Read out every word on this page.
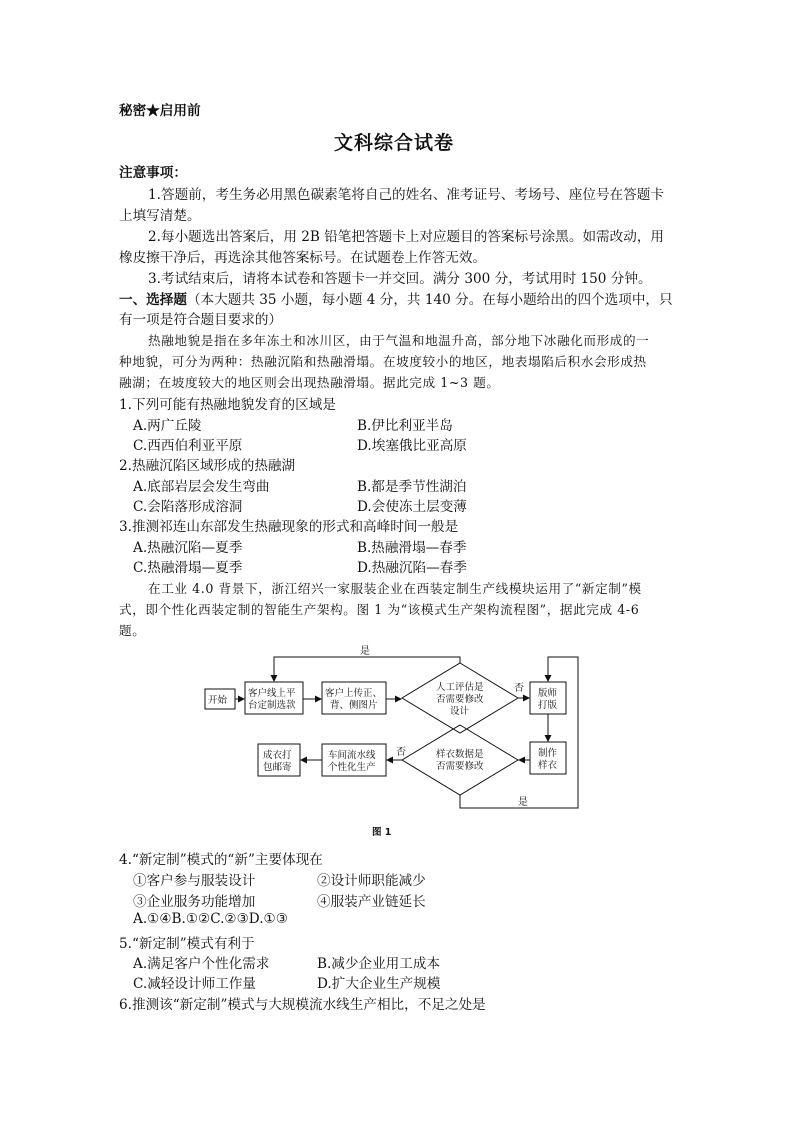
秘密★启用前
文科综合试卷
注意事项：
1.答题前，考生务必用黑色碳素笔将自己的姓名、准考证号、考场号、座位号在答题卡
上填写清楚。
2.每小题选出答案后，用 2B 铅笔把答题卡上对应题目的答案标号涂黑。如需改动，用
橡皮擦干净后，再选涂其他答案标号。在试题卷上作答无效。
3.考试结束后，请将本试卷和答题卡一并交回。满分 300 分，考试用时 150 分钟。
一、选择题（本大题共 35 小题，每小题 4 分，共 140 分。在每小题给出的四个选项中，只
有一项是符合题目要求的）
热融地貌是指在多年冻土和冰川区，由于气温和地温升高，部分地下冰融化而形成的一
种地貌，可分为两种：热融沉陷和热融滑塌。在坡度较小的地区，地表塌陷后积水会形成热
融湖；在坡度较大的地区则会出现热融滑塌。据此完成 1~3 题。
1.下列可能有热融地貌发育的区域是
A.两广丘陵	B.伊比利亚半岛
C.西西伯利亚平原	D.埃塞俄比亚高原
2.热融沉陷区域形成的热融湖
A.底部岩层会发生弯曲	B.都是季节性湖泊
C.会陷落形成溶洞	D.会使冻土层变薄
3.推测祁连山东部发生热融现象的形式和高峰时间一般是
A.热融沉陷—夏季	B.热融滑塌—春季
C.热融滑塌—夏季	D.热融沉陷—春季
在工业 4.0 背景下，浙江绍兴一家服装企业在西装定制生产线模块运用了“新定制”模
式，即个性化西装定制的智能生产架构。图 1 为“该模式生产架构流程图”，据此完成 4-6
题。
开始
客户线上平
台定制选款
客户上传正、
背、侧图片
人工评估是
否需要修改
设计
版师
打版
制作
样衣
样衣数据是
否需要修改
车间流水线
个性化生产
成衣打
包邮寄
是
否
否
是
图 1
4.“新定制”模式的“新”主要体现在
①客户参与服装设计	②设计师职能减少
③企业服务功能增加	④服装产业链延长
A.①④B.①②C.②③D.①③
5.“新定制”模式有利于
A.满足客户个性化需求	B.减少企业用工成本
C.减轻设计师工作量	D.扩大企业生产规模
6.推测该“新定制”模式与大规模流水线生产相比，不足之处是
